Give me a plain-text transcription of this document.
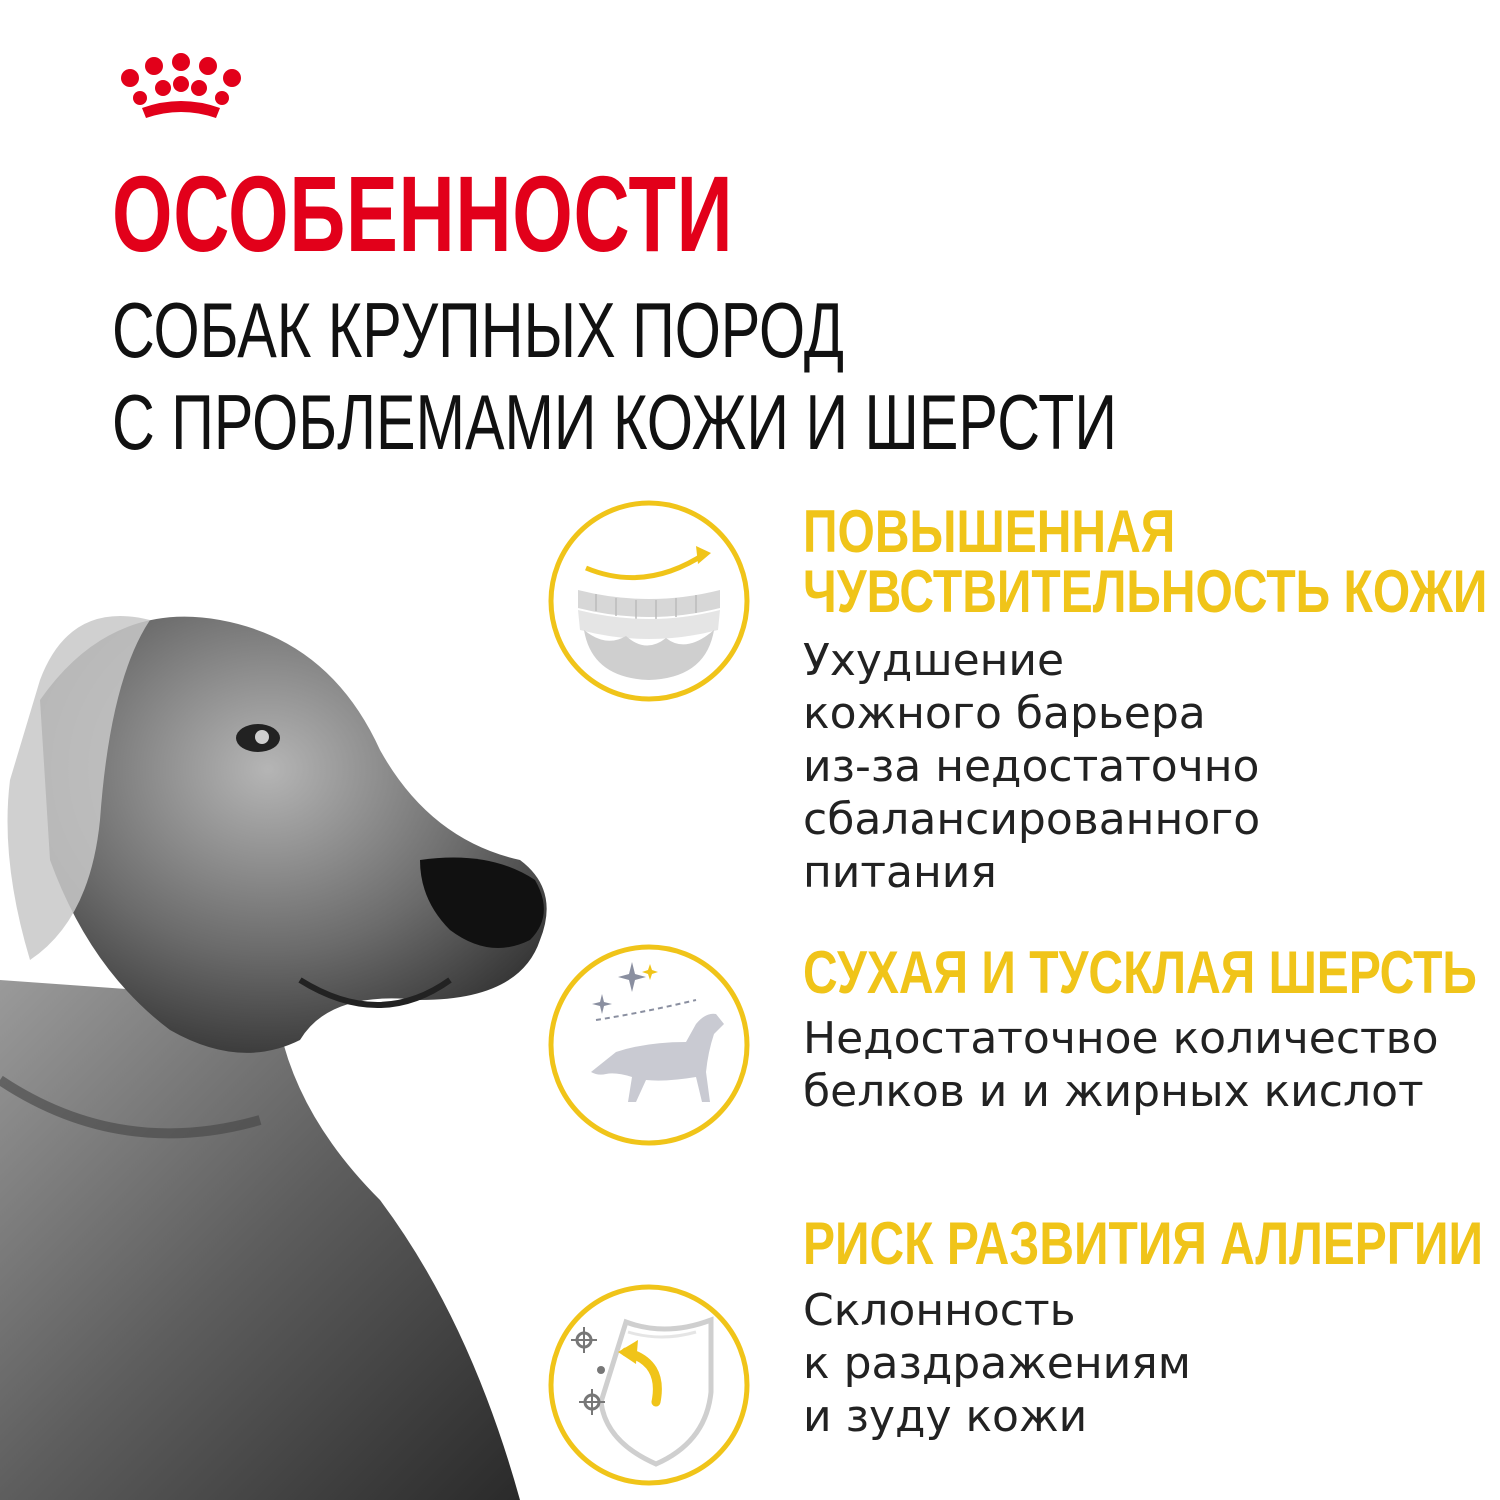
ОСОБЕННОСТИ
СОБАК КРУПНЫХ ПОРОД
С ПРОБЛЕМАМИ КОЖИ И ШЕРСТИ
ПОВЫШЕННАЯ
ЧУВСТВИТЕЛЬНОСТЬ КОЖИ
Ухудшение
кожного барьера
из-за недостаточно
сбалансированного
питания
СУХАЯ И ТУСКЛАЯ ШЕРСТЬ
Недостаточное количество
белков и и жирных кислот
РИСК РАЗВИТИЯ АЛЛЕРГИИ
Склонность
к раздражениям
и зуду кожи
